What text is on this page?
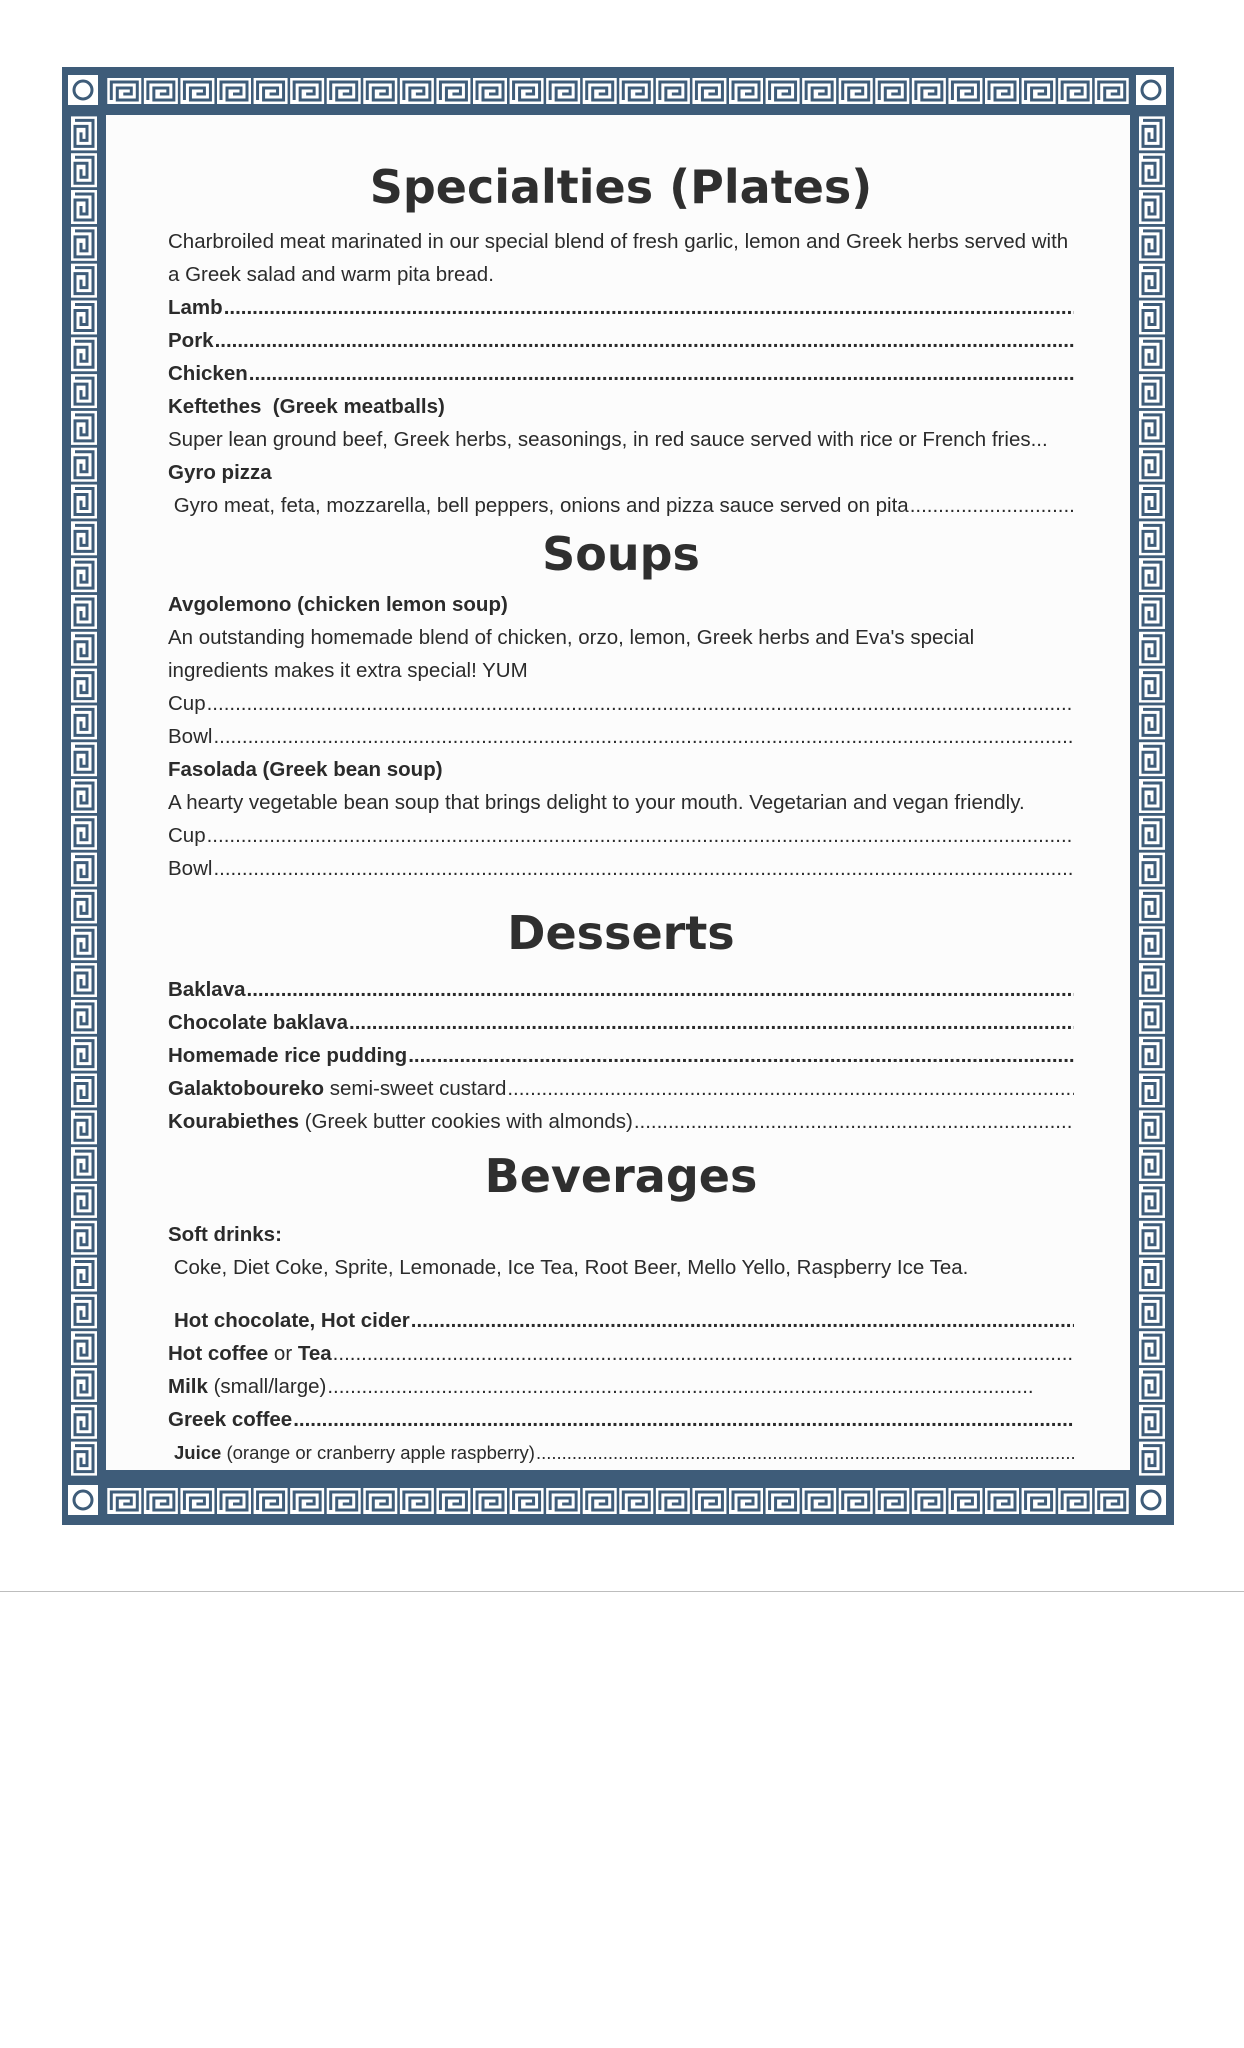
Specialties (Plates)

Charbroiled meat marinated in our special blend of fresh garlic, lemon and Greek herbs served with a Greek salad and warm pita bread.

Lamb
.....
Pork
.....
Chicken
.....
Keftethes  (Greek meatballs)
Super lean ground beef, Greek herbs, seasonings, in red sauce served with rice or French fries...
Gyro pizza
Gyro meat, feta, mozzarella, bell peppers, onions and pizza sauce served on pita
.....
Soups
Avgolemono (chicken lemon soup)

An outstanding homemade blend of chicken, orzo, lemon, Greek herbs and Eva's special ingredients makes it extra special! YUM

Cup
.....
Bowl
.....
Fasolada (Greek bean soup)
A hearty vegetable bean soup that brings delight to your mouth. Vegetarian and vegan friendly.
Cup
.....
Bowl
.....
Desserts
Baklava
.....
Chocolate baklava
.....
Homemade rice pudding
.....
Galaktoboureko semi-sweet custard
.....
Kourabiethes (Greek butter cookies with almonds)
.....
Beverages
Soft drinks: Coke, Diet Coke, Sprite, Lemonade, Ice Tea, Root Beer, Mello Yello, Raspberry Ice Tea.
Hot chocolate, Hot cider
.....
Hot coffee or Tea
.....
Milk (small/large)
.....
Greek coffee
.....
Juice (orange or cranberry apple raspberry)
.....
